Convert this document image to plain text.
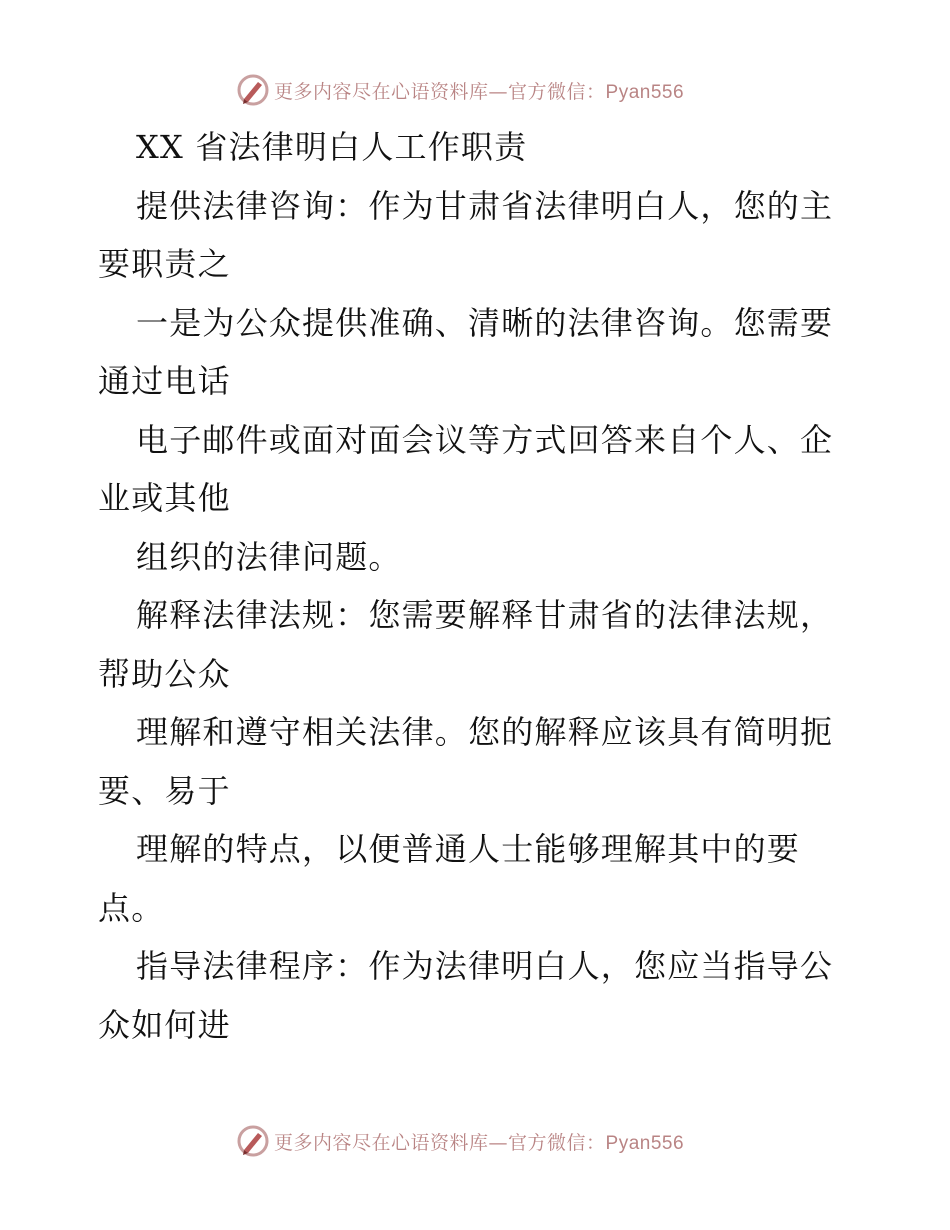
更多内容尽在心语资料库—官方微信：Pyan556
XX 省法律明白人工作职责
提供法律咨询：作为甘肃省法律明白人，您的主
要职责之
一是为公众提供准确、清晰的法律咨询。您需要
通过电话
电子邮件或面对面会议等方式回答来自个人、企
业或其他
组织的法律问题。
解释法律法规：您需要解释甘肃省的法律法规，
帮助公众
理解和遵守相关法律。您的解释应该具有简明扼
要、易于
理解的特点，以便普通人士能够理解其中的要
点。
指导法律程序：作为法律明白人，您应当指导公
众如何进
更多内容尽在心语资料库—官方微信：Pyan556
